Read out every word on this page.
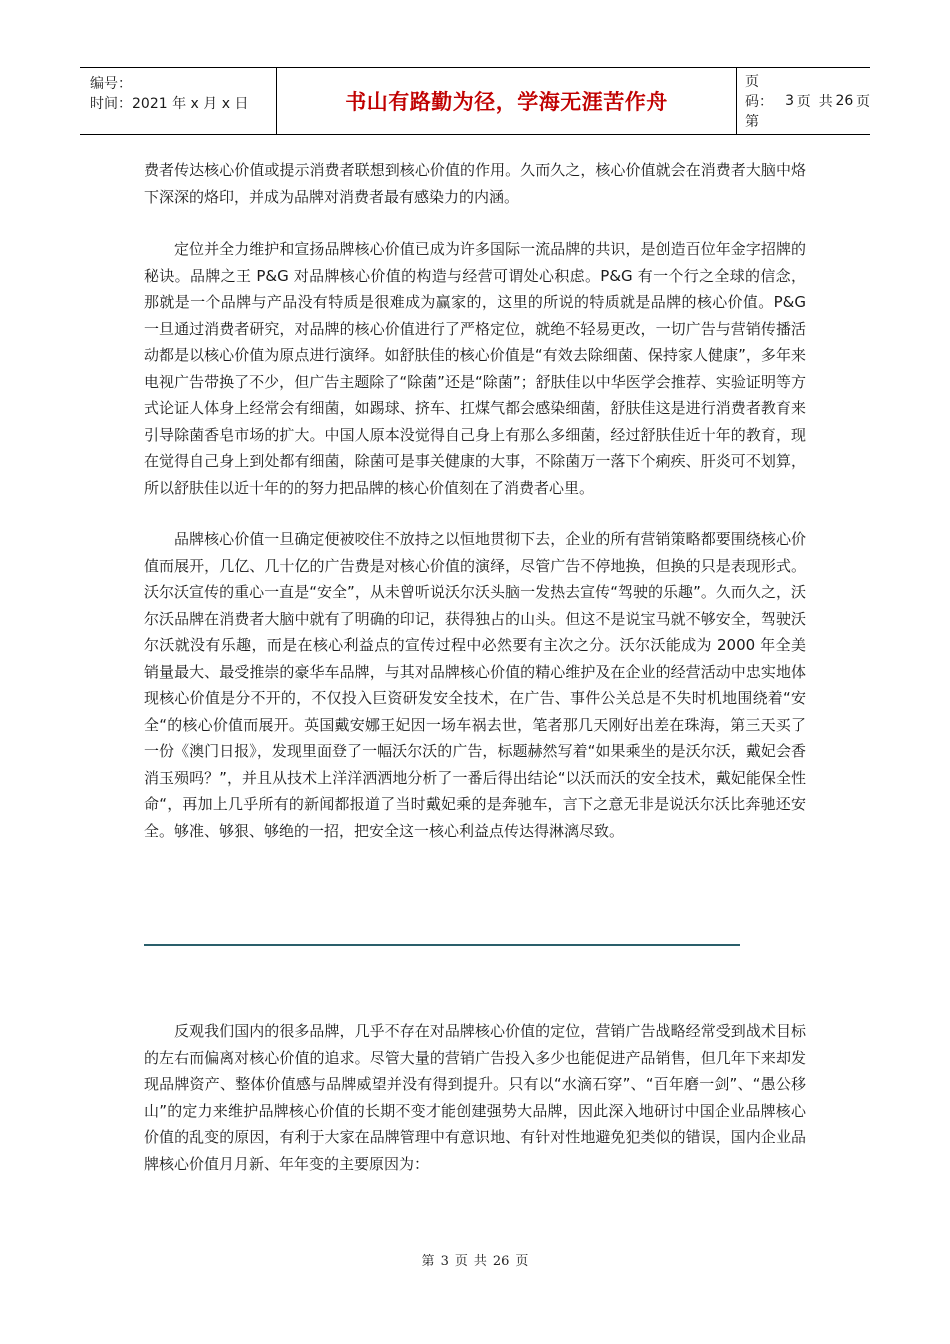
编号：
时间：2021 年 x 月 x 日	书山有路勤为径，学海无涯苦作舟
页码：第
3 页 共 26 页

费者传达核心价值或提示消费者联想到核心价值的作用。久而久之，核心价值就会在消费者大脑中烙下深深的烙印，并成为品牌对消费者最有感染力的内涵。

定位并全力维护和宣扬品牌核心价值已成为许多国际一流品牌的共识，是创造百位年金字招牌的秘诀。品牌之王 P&G 对品牌核心价值的构造与经营可谓处心积虑。P&G 有一个行之全球的信念，那就是一个品牌与产品没有特质是很难成为赢家的，这里的所说的特质就是品牌的核心价值。P&G 一旦通过消费者研究，对品牌的核心价值进行了严格定位，就绝不轻易更改，一切广告与营销传播活动都是以核心价值为原点进行演绎。如舒肤佳的核心价值是“有效去除细菌、保持家人健康”，多年来电视广告带换了不少，但广告主题除了“除菌”还是“除菌”；舒肤佳以中华医学会推荐、实验证明等方式论证人体身上经常会有细菌，如踢球、挤车、扛煤气都会感染细菌，舒肤佳这是进行消费者教育来引导除菌香皂市场的扩大。中国人原本没觉得自己身上有那么多细菌，经过舒肤佳近十年的教育，现在觉得自己身上到处都有细菌，除菌可是事关健康的大事，不除菌万一落下个痢疾、肝炎可不划算，所以舒肤佳以近十年的的努力把品牌的核心价值刻在了消费者心里。

品牌核心价值一旦确定便被咬住不放持之以恒地贯彻下去，企业的所有营销策略都要围绕核心价值而展开，几亿、几十亿的广告费是对核心价值的演绎，尽管广告不停地换，但换的只是表现形式。沃尔沃宣传的重心一直是“安全”，从未曾听说沃尔沃头脑一发热去宣传“驾驶的乐趣”。久而久之，沃尔沃品牌在消费者大脑中就有了明确的印记，获得独占的山头。但这不是说宝马就不够安全，驾驶沃尔沃就没有乐趣，而是在核心利益点的宣传过程中必然要有主次之分。沃尔沃能成为 2000 年全美销量最大、最受推崇的豪华车品牌，与其对品牌核心价值的精心维护及在企业的经营活动中忠实地体现核心价值是分不开的，不仅投入巨资研发安全技术，在广告、事件公关总是不失时机地围绕着“安全“的核心价值而展开。英国戴安娜王妃因一场车祸去世，笔者那几天刚好出差在珠海，第三天买了一份《澳门日报》，发现里面登了一幅沃尔沃的广告，标题赫然写着“如果乘坐的是沃尔沃，戴妃会香消玉殒吗？”，并且从技术上洋洋洒洒地分析了一番后得出结论“以沃而沃的安全技术，戴妃能保全性命“，再加上几乎所有的新闻都报道了当时戴妃乘的是奔驰车，言下之意无非是说沃尔沃比奔驰还安全。够准、够狠、够绝的一招，把安全这一核心利益点传达得淋漓尽致。

反观我们国内的很多品牌，几乎不存在对品牌核心价值的定位，营销广告战略经常受到战术目标的左右而偏离对核心价值的追求。尽管大量的营销广告投入多少也能促进产品销售，但几年下来却发现品牌资产、整体价值感与品牌威望并没有得到提升。只有以“水滴石穿”、“百年磨一剑”、“愚公移山”的定力来维护品牌核心价值的长期不变才能创建强势大品牌，因此深入地研讨中国企业品牌核心价值的乱变的原因，有利于大家在品牌管理中有意识地、有针对性地避免犯类似的错误，国内企业品牌核心价值月月新、年年变的主要原因为：

第 3 页 共 26 页
